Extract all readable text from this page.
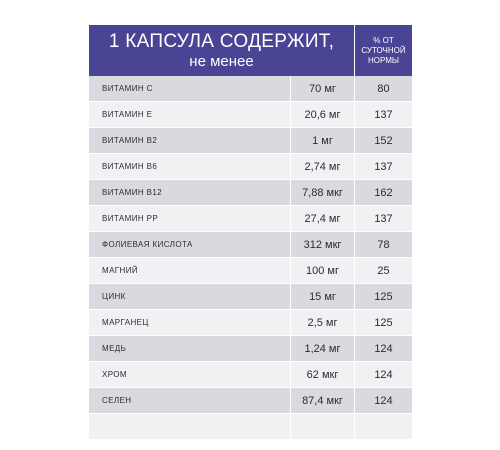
1 КАПСУЛА СОДЕРЖИТ,
не менее
% ОТ
СУТОЧНОЙ
НОРМЫ
ВИТАМИН С	70 мг	80
ВИТАМИН Е	20,6 мг	137
ВИТАМИН В2	1 мг	152
ВИТАМИН В6	2,74 мг	137
ВИТАМИН В12	7,88 мкг	162
ВИТАМИН РР	27,4 мг	137
ФОЛИЕВАЯ КИСЛОТА	312 мкг	78
МАГНИЙ	100 мг	25
ЦИНК	15 мг	125
МАРГАНЕЦ	2,5 мг	125
МЕДЬ	1,24 мг	124
ХРОМ	62 мкг	124
СЕЛЕН	87,4 мкг	124
